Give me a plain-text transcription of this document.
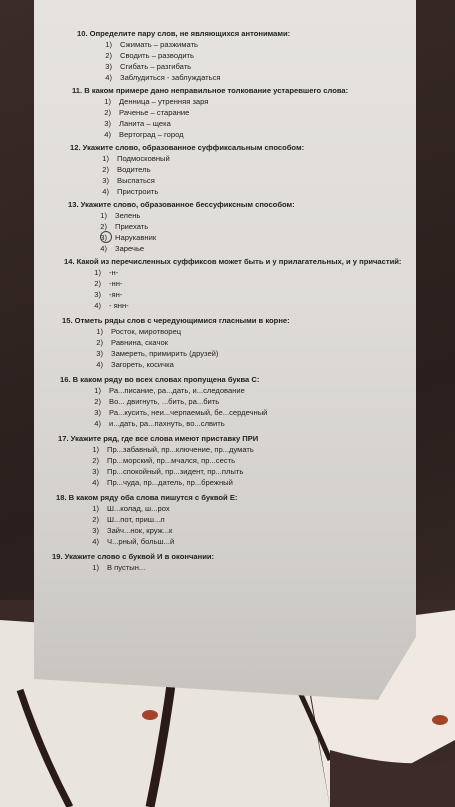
10. Определите пару слов, не являющихся антонимами:
1) Сжимать – разжимать
2) Сводить – разводить
3) Сгибать – разгибать
4) Заблудиться - заблуждаться
11. В каком примере дано неправильное толкование устаревшего слова:
1) Денница – утренняя заря
2) Раченье – старание
3) Ланита – щека
4) Вертоград – город
12. Укажите слово, образованное суффиксальным способом:
1) Подмосковный
2) Водитель
3) Выспаться
4) Пристроить
13. Укажите слово, образованное бессуфиксным способом:
1) Зелень
2) Приехать
3) Нарукавник
4) Заречье
14. Какой из перечисленных суффиксов может быть и у прилагательных, и у причастий:
1) -н-
2) -нн-
3) -ян-
4) - янн-
15. Отметь ряды слов с чередующимися гласными в корне:
1) Росток, миротворец
2) Равнина, скачок
3) Замереть, примирить (друзей)
4) Загореть, косичка
16. В каком ряду во всех словах пропущена буква С:
1) Ра...писание, ра...дать, и...следование
2) Во... двигнуть, ...бить, ра...бить
3) Ра...кусить, неи...черпаемый, бе...сердечный
4) и...дать, ра...пахнуть, во...слвить
17. Укажите ряд, где все слова имеют приставку ПРИ
1) Пр...забавный, пр...ключение, пр...думать
2) Пр...морский, пр...мчался, пр...сесть
3) Пр...спокойный, пр...зидент, пр...плыть
4) Пр...чуда, пр...датель, пр...брежный
18. В каком ряду оба слова пишутся с буквой Е:
1) Ш...колад, ш...рох
2) Ш...пот, приш...л
3) Зайч...нок, круж...к
4) Ч...рный, больш...й
19. Укажите слово с буквой И в окончании:
1) В пустын...
